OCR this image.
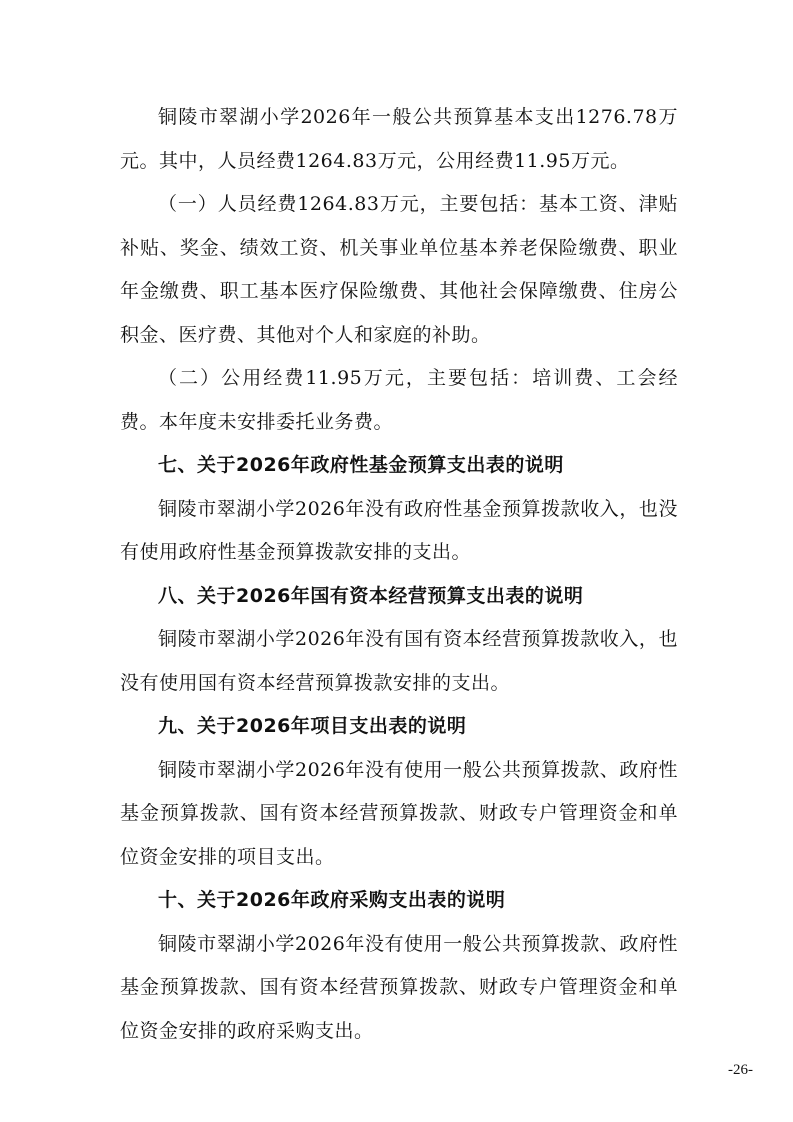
铜陵市翠湖小学2026年一般公共预算基本支出1276.78万元。其中，人员经费1264.83万元，公用经费11.95万元。

（一）人员经费1264.83万元，主要包括：基本工资、津贴补贴、奖金、绩效工资、机关事业单位基本养老保险缴费、职业年金缴费、职工基本医疗保险缴费、其他社会保障缴费、住房公积金、医疗费、其他对个人和家庭的补助。

（二）公用经费11.95万元，主要包括：培训费、工会经费。本年度未安排委托业务费。

七、关于2026年政府性基金预算支出表的说明

铜陵市翠湖小学2026年没有政府性基金预算拨款收入，也没有使用政府性基金预算拨款安排的支出。

八、关于2026年国有资本经营预算支出表的说明

铜陵市翠湖小学2026年没有国有资本经营预算拨款收入，也没有使用国有资本经营预算拨款安排的支出。

九、关于2026年项目支出表的说明

铜陵市翠湖小学2026年没有使用一般公共预算拨款、政府性基金预算拨款、国有资本经营预算拨款、财政专户管理资金和单位资金安排的项目支出。

十、关于2026年政府采购支出表的说明

铜陵市翠湖小学2026年没有使用一般公共预算拨款、政府性基金预算拨款、国有资本经营预算拨款、财政专户管理资金和单位资金安排的政府采购支出。

-26-
